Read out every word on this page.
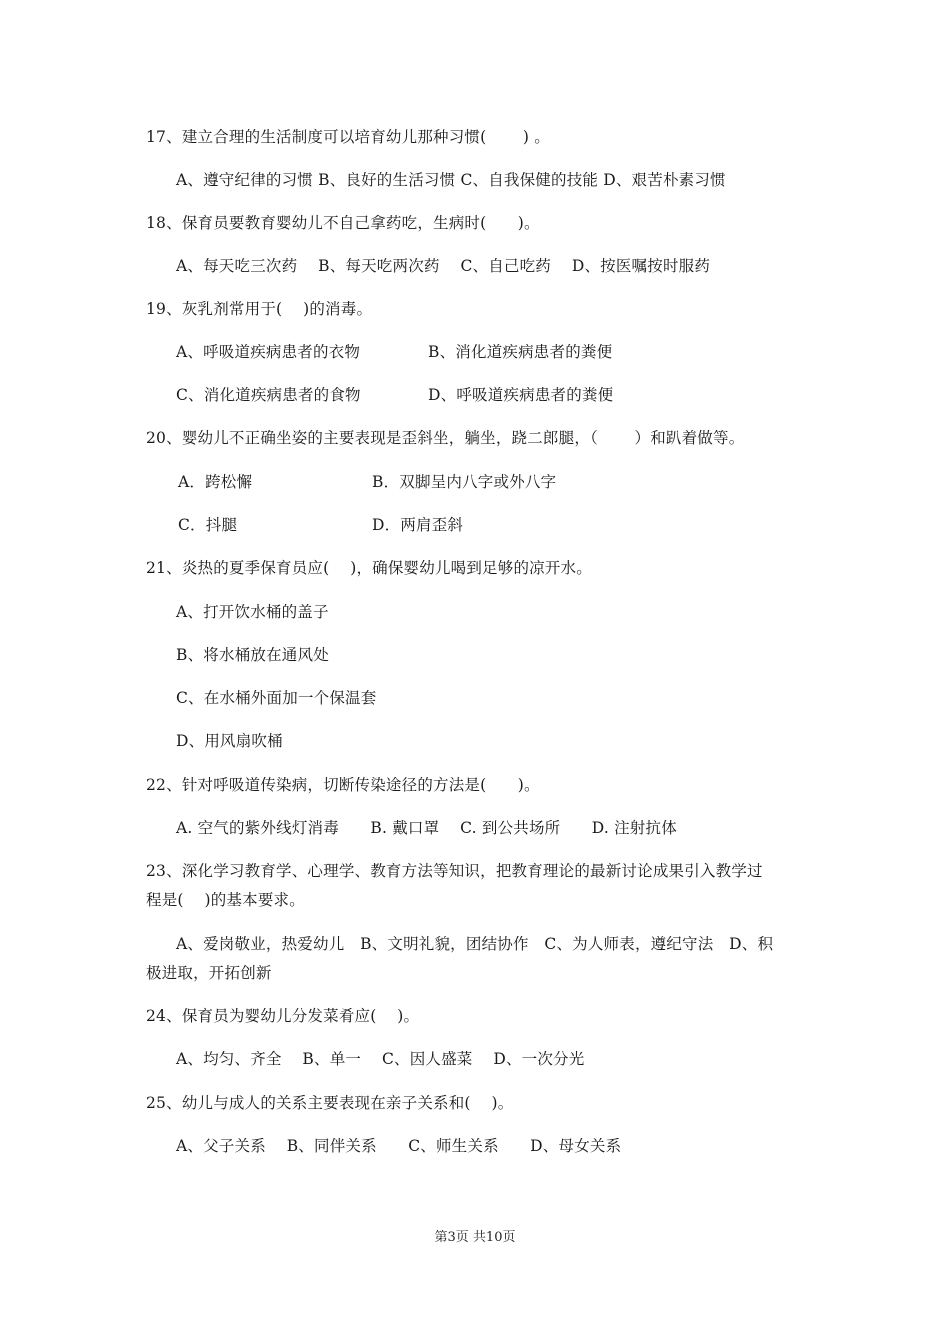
17、建立合理的生活制度可以培育幼儿那种习惯(　　 ) 。
A、遵守纪律的习惯 B、良好的生活习惯 C、自我保健的技能 D、艰苦朴素习惯
18、保育员要教育婴幼儿不自己拿药吃，生病时(　　)。
A、每天吃三次药　 B、每天吃两次药　 C、自己吃药　 D、按医嘱按时服药
19、灰乳剂常用于(　 )的消毒。
A、呼吸道疾病患者的衣物	B、消化道疾病患者的粪便
C、消化道疾病患者的食物	D、呼吸道疾病患者的粪便
20、婴幼儿不正确坐姿的主要表现是歪斜坐，躺坐，跷二郎腿，（　　 ）和趴着做等。
A．跨松懈	B．双脚呈内八字或外八字
C．抖腿	D．两肩歪斜
21、炎热的夏季保育员应(　 )，确保婴幼儿喝到足够的凉开水。
A、打开饮水桶的盖子
B、将水桶放在通风处
C、在水桶外面加一个保温套
D、用风扇吹桶
22、针对呼吸道传染病，切断传染途径的方法是(　　)。
A. 空气的紫外线灯消毒　　B. 戴口罩　 C. 到公共场所　　D. 注射抗体
23、深化学习教育学、心理学、教育方法等知识，把教育理论的最新讨论成果引入教学过
程是(　 )的基本要求。
A、爱岗敬业，热爱幼儿　B、文明礼貌，团结协作　C、为人师表，遵纪守法　D、积
极进取，开拓创新
24、保育员为婴幼儿分发菜肴应(　 )。
A、均匀、齐全　 B、单一　 C、因人盛菜　 D、一次分光
25、幼儿与成人的关系主要表现在亲子关系和(　 )。
A、父子关系　 B、同伴关系　　C、师生关系　　D、母女关系
第3页 共10页
